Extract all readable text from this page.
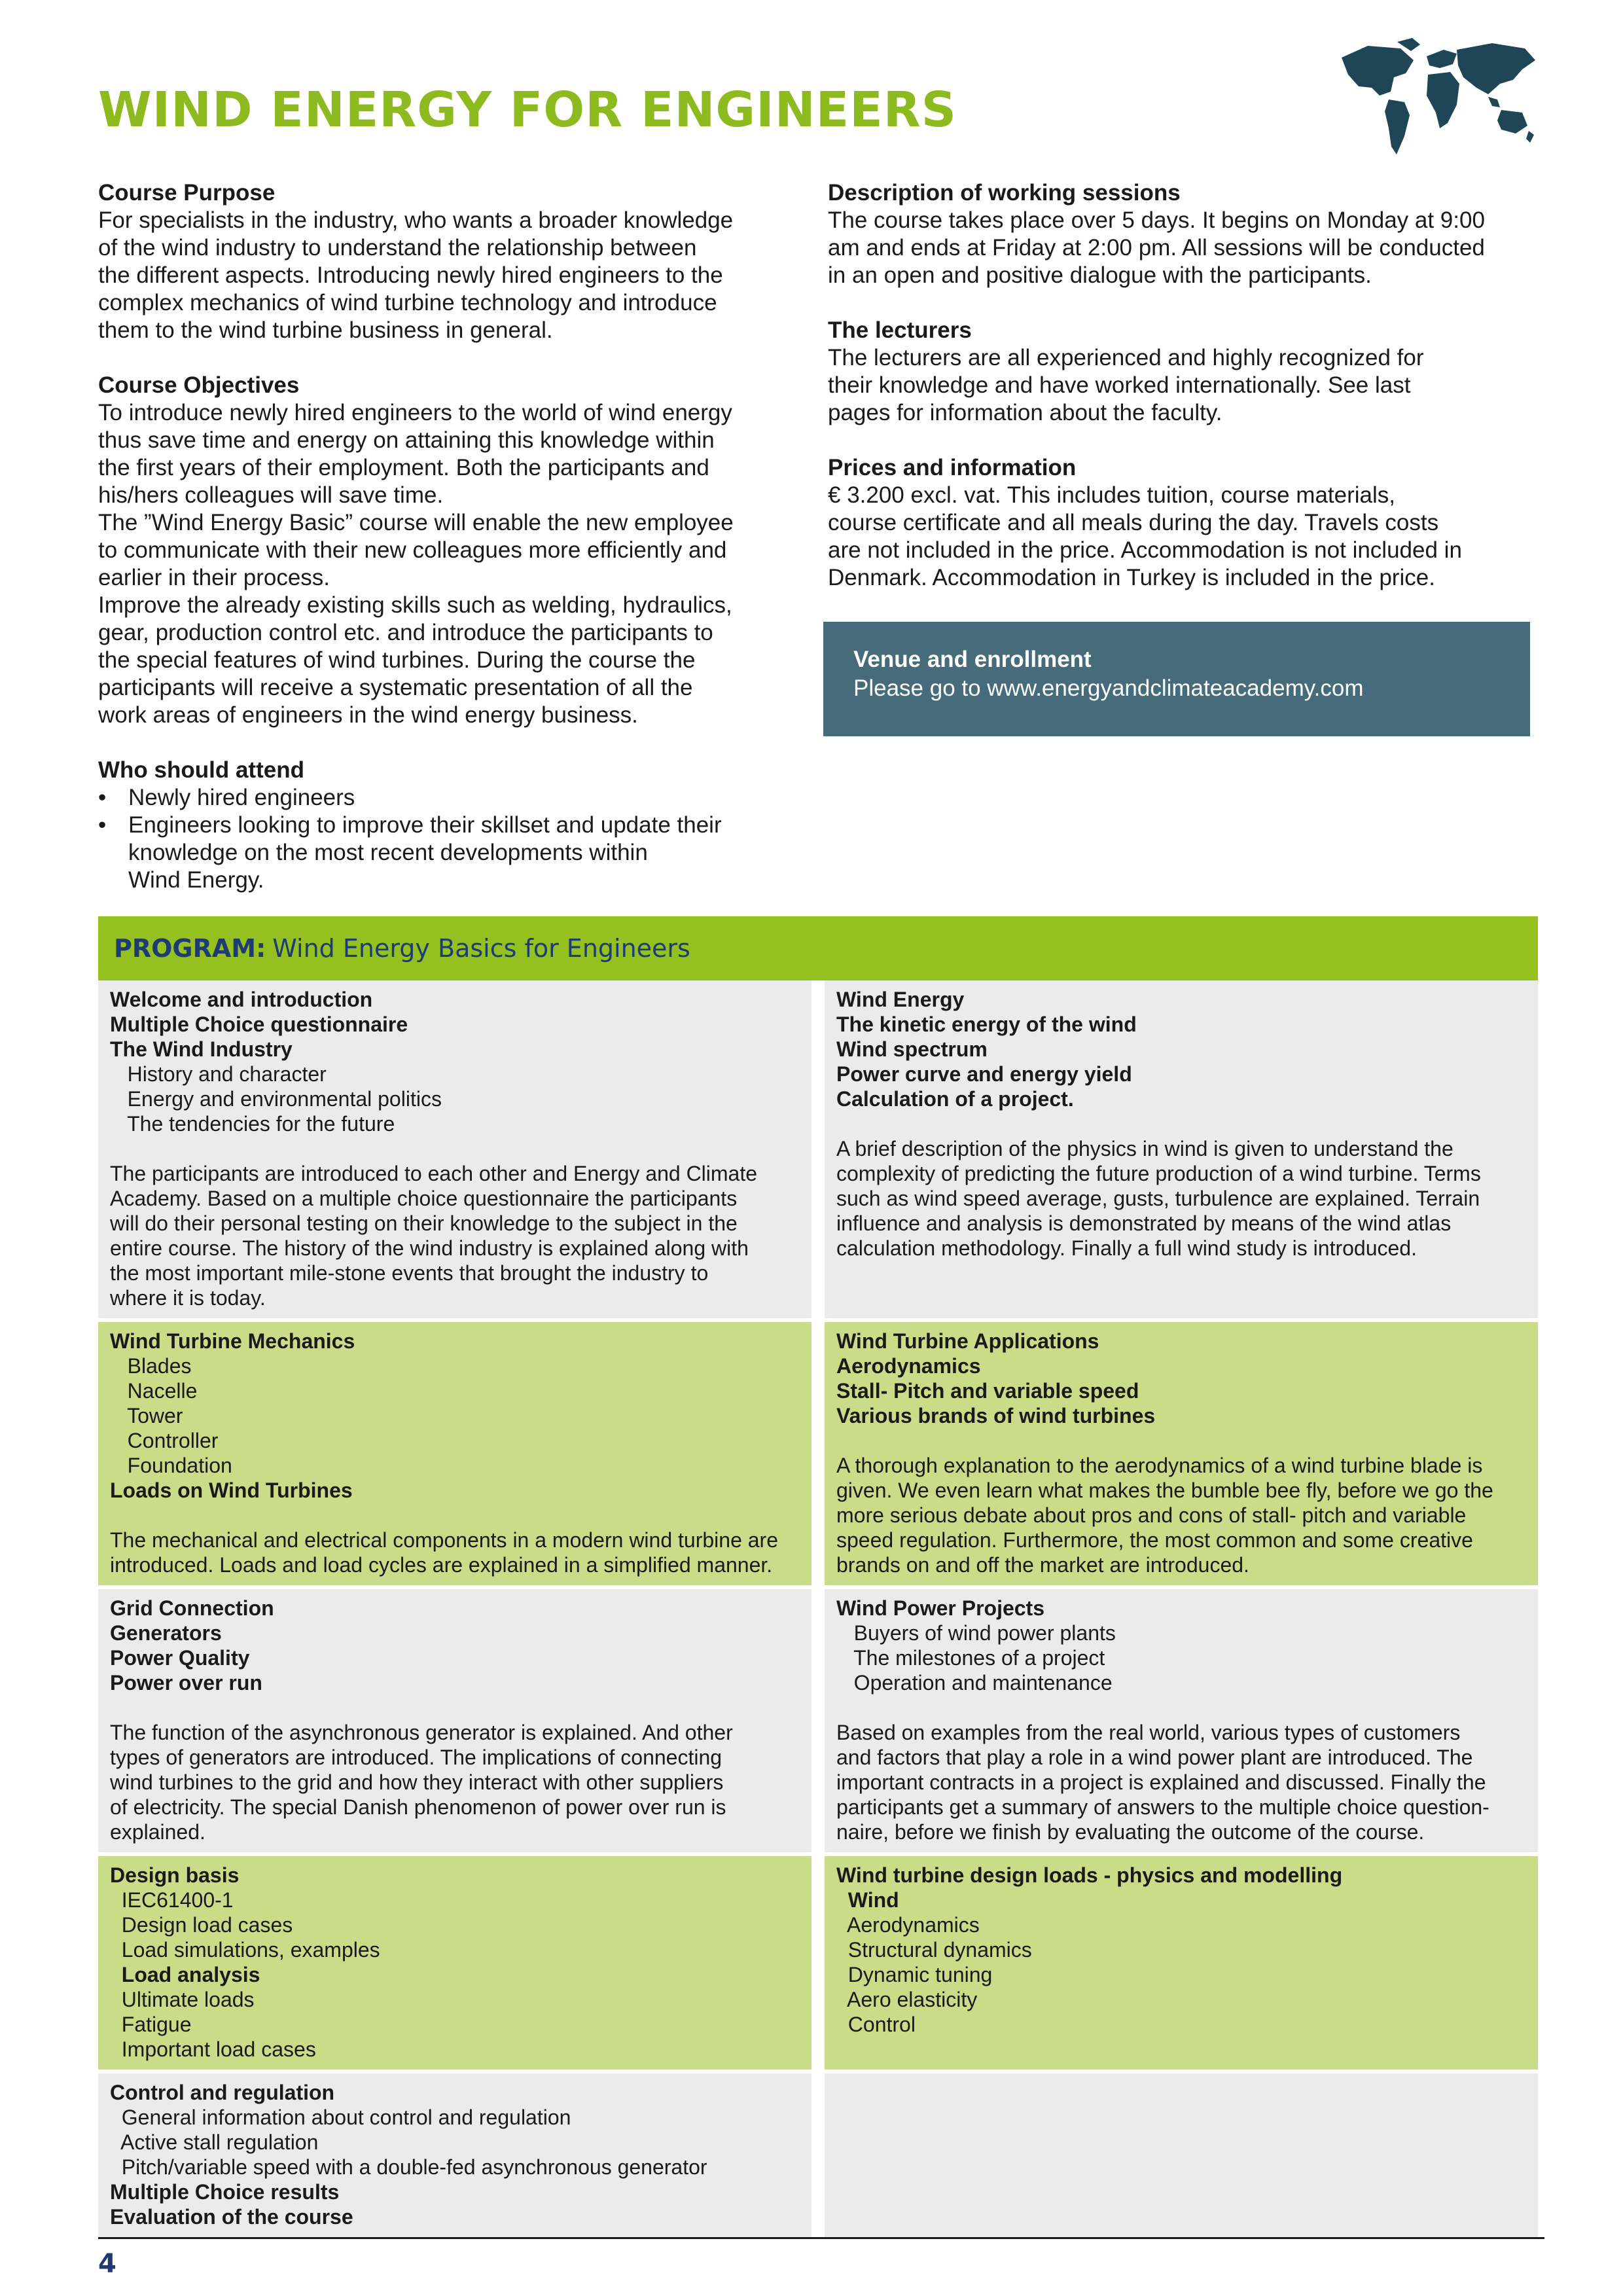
WIND ENERGY FOR ENGINEERS
Course Purpose

For specialists in the industry, who wants a broader knowledge
of the wind industry to understand the relationship between
the different aspects. Introducing newly hired engineers to the
complex mechanics of wind turbine technology and introduce
them to the wind turbine business in general.

Course Objectives

To introduce newly hired engineers to the world of wind energy
thus save time and energy on attaining this knowledge within
the first years of their employment. Both the participants and
his/hers colleagues will save time.
The ”Wind Energy Basic” course will enable the new employee
to communicate with their new colleagues more efficiently and
earlier in their process.
Improve the already existing skills such as welding, hydraulics,
gear, production control etc. and introduce the participants to
the special features of wind turbines. During the course the
participants will receive a systematic presentation of all the
work areas of engineers in the wind energy business.

Who should attend
• Newly hired engineers
• Engineers looking to improve their skillset and update their
knowledge on the most recent developments within
Wind Energy.
Description of working sessions

The course takes place over 5 days. It begins on Monday at 9:00
am and ends at Friday at 2:00 pm. All sessions will be conducted
in an open and positive dialogue with the participants.

The lecturers

The lecturers are all experienced and highly recognized for
their knowledge and have worked internationally. See last
pages for information about the faculty.

Prices and information

€ 3.200 excl. vat. This includes tuition, course materials,
course certificate and all meals during the day. Travels costs
are not included in the price. Accommodation is not included in
Denmark. Accommodation in Turkey is included in the price.

Venue and enrollment
Please go to www.energyandclimateacademy.com
PROGRAM: Wind Energy Basics for Engineers
Welcome and introduction
Multiple Choice questionnaire
The Wind Industry
History and character
Energy and environmental politics
The tendencies for the future
The participants are introduced to each other and Energy and Climate
Academy. Based on a multiple choice questionnaire the participants
will do their personal testing on their knowledge to the subject in the
entire course. The history of the wind industry is explained along with
the most important mile-stone events that brought the industry to
where it is today.
Wind Energy
The kinetic energy of the wind
Wind spectrum
Power curve and energy yield
Calculation of a project.
A brief description of the physics in wind is given to understand the
complexity of predicting the future production of a wind turbine. Terms
such as wind speed average, gusts, turbulence are explained. Terrain
influence and analysis is demonstrated by means of the wind atlas
calculation methodology. Finally a full wind study is introduced.
Wind Turbine Mechanics
Blades
Nacelle
Tower
Controller
Foundation
Loads on Wind Turbines
The mechanical and electrical components in a modern wind turbine are
introduced. Loads and load cycles are explained in a simplified manner.
Wind Turbine Applications
Aerodynamics
Stall- Pitch and variable speed
Various brands of wind turbines
A thorough explanation to the aerodynamics of a wind turbine blade is
given. We even learn what makes the bumble bee fly, before we go the
more serious debate about pros and cons of stall- pitch and variable
speed regulation. Furthermore, the most common and some creative
brands on and off the market are introduced.
Grid Connection
Generators
Power Quality
Power over run
The function of the asynchronous generator is explained. And other
types of generators are introduced. The implications of connecting
wind turbines to the grid and how they interact with other suppliers
of electricity. The special Danish phenomenon of power over run is
explained.
Wind Power Projects
Buyers of wind power plants
The milestones of a project
Operation and maintenance
Based on examples from the real world, various types of customers
and factors that play a role in a wind power plant are introduced. The
important contracts in a project is explained and discussed. Finally the
participants get a summary of answers to the multiple choice question-
naire, before we finish by evaluating the outcome of the course.
Design basis
IEC61400-1
Design load cases
Load simulations, examples
Load analysis
Ultimate loads
Fatigue
Important load cases
Wind turbine design loads - physics and modelling
Wind
Aerodynamics
Structural dynamics
Dynamic tuning
Aero elasticity
Control
Control and regulation
General information about control and regulation
Active stall regulation
Pitch/variable speed with a double-fed asynchronous generator
Multiple Choice results
Evaluation of the course
4
